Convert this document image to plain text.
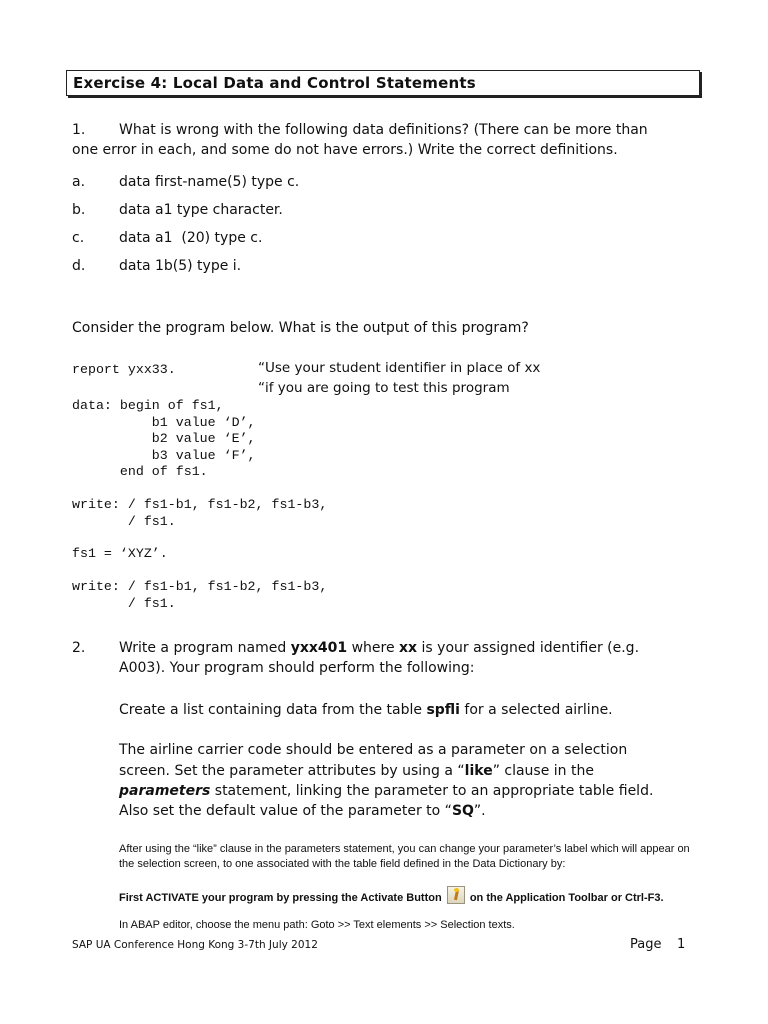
Exercise 4: Local Data and Control Statements
1. What is wrong with the following data definitions? (There can be more than
one error in each, and some do not have errors.) Write the correct definitions.
a. data first-name(5) type c.
b. data a1 type character.
c. data a1  (20) type c.
d. data 1b(5) type i.
Consider the program below. What is the output of this program?
report yxx33.	“Use your student identifier in place of xx
“if you are going to test this program
data: begin of fs1,
b1 value ‘D’,
b2 value ‘E’,
b3 value ‘F’,
end of fs1.
write: / fs1-b1, fs1-b2, fs1-b3,
/ fs1.
fs1 = ‘XYZ’.
write: / fs1-b1, fs1-b2, fs1-b3,
/ fs1.
2. Write a program named yxx401 where xx is your assigned identifier (e.g.
A003). Your program should perform the following:
Create a list containing data from the table spfli for a selected airline.
The airline carrier code should be entered as a parameter on a selection
screen. Set the parameter attributes by using a “like” clause in the
parameters statement, linking the parameter to an appropriate table field.
Also set the default value of the parameter to “SQ”.
After using the “like” clause in the parameters statement, you can change your parameter’s label which will appear on the selection screen, to one associated with the table field defined in the Data Dictionary by:
First ACTIVATE your program by pressing the Activate Button	on the Application Toolbar or Ctrl-F3.
In ABAP editor, choose the menu path: Goto >> Text elements >> Selection texts.
SAP UA Conference Hong Kong 3-7th July 2012	Page 1
